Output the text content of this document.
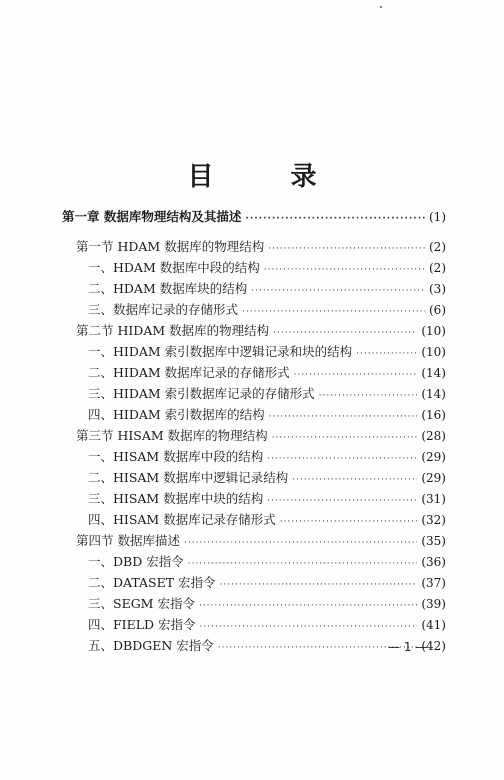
目 录
第一章 数据库物理结构及其描述 ·····	(1)
第一节 HDAM 数据库的物理结构 ·····	(2)
一、HDAM 数据库中段的结构 ·····	(2)
二、HDAM 数据库块的结构 ·····	(3)
三、数据库记录的存储形式 ·····	(6)
第二节 HIDAM 数据库的物理结构 ·····	(10)
一、HIDAM 索引数据库中逻辑记录和块的结构 ·····	(10)
二、HIDAM 数据库记录的存储形式 ·····	(14)
三、HIDAM 索引数据库记录的存储形式 ·····	(14)
四、HIDAM 索引数据库的结构 ·····	(16)
第三节 HISAM 数据库的物理结构 ·····	(28)
一、HISAM 数据库中段的结构 ·····	(29)
二、HISAM 数据库中逻辑记录结构 ·····	(29)
三、HISAM 数据库中块的结构 ·····	(31)
四、HISAM 数据库记录存储形式 ·····	(32)
第四节 数据库描述 ·····	(35)
一、DBD 宏指令 ·····	(36)
二、DATASET 宏指令 ·····	(37)
三、SEGM 宏指令 ·····	(39)
四、FIELD 宏指令 ·····	(41)
五、DBDGEN 宏指令 ·····	(42)
— 1 —
